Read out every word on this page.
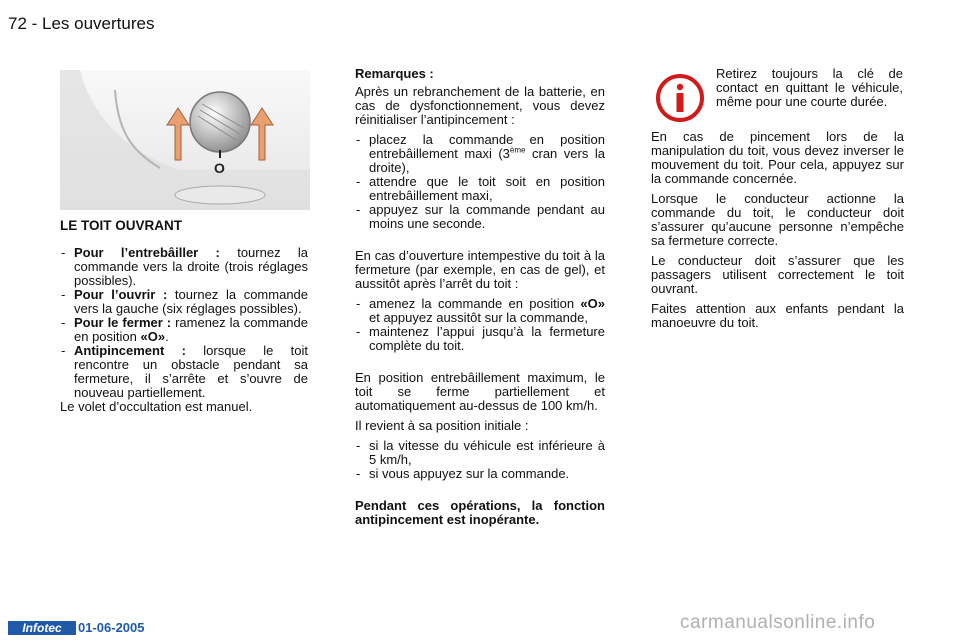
72 - Les ouvertures
O
LE TOIT OUVRANT
- Pour l’entrebâiller : tournez la commande vers la droite (trois réglages possibles).
- Pour l’ouvrir : tournez la commande vers la gauche (six réglages possibles).
- Pour le fermer : ramenez la commande en position «O».
- Antipincement : lorsque le toit rencontre un obstacle pendant sa fermeture, il s’arrête et s’ouvre de nouveau partiellement.

Le volet d’occultation est manuel.

Remarques :

Après un rebranchement de la batterie, en cas de dysfonctionnement, vous devez réinitialiser l’antipincement :

- placez la commande en position entrebâillement maxi (3ème cran vers la droite),
- attendre que le toit soit en position entrebâillement maxi,
- appuyez sur la commande pendant au moins une seconde.

En cas d’ouverture intempestive du toit à la fermeture (par exemple, en cas de gel), et aussitôt après l’arrêt du toit :

- amenez la commande en position «O» et appuyez aussitôt sur la commande,
- maintenez l’appui jusqu’à la fermeture complète du toit.

En position entrebâillement maximum, le toit se ferme partiellement et automatiquement au-dessus de 100 km/h.

Il revient à sa position initiale :

- si la vitesse du véhicule est inférieure à 5 km/h,
- si vous appuyez sur la commande.

Pendant ces opérations, la fonction antipincement est inopérante.

Retirez toujours la clé de contact en quittant le véhicule, même pour une courte durée.

En cas de pincement lors de la manipulation du toit, vous devez inverser le mouvement du toit. Pour cela, appuyez sur la commande concernée.

Lorsque le conducteur actionne la commande du toit, le conducteur doit s’assurer qu’aucune personne n’empêche sa fermeture correcte.

Le conducteur doit s’assurer que les passagers utilisent correctement le toit ouvrant.

Faites attention aux enfants pendant la manoeuvre du toit.

Infotec	01-06-2005	carmanualsonline.info
